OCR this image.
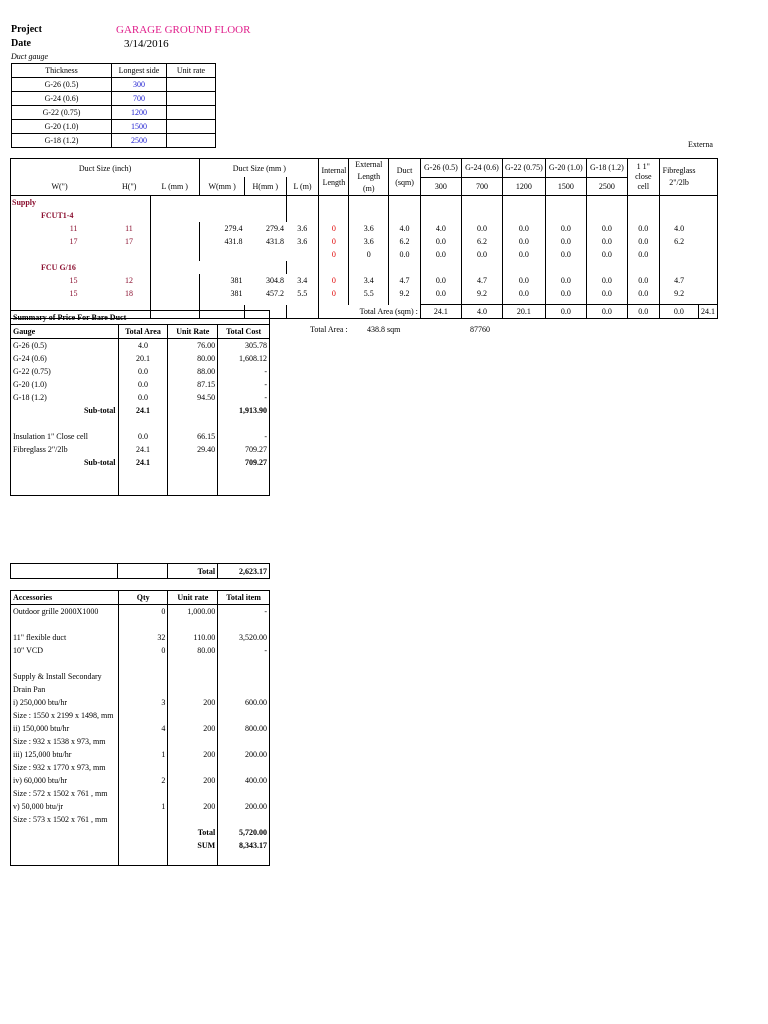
Project	GARAGE GROUND FLOOR
Date	3/14/2016
Duct gauge
Thickness	Longest side	Unit rate
G-26 (0.5)	300	
G-24 (0.6)	700	
G-22 (0.75)	1200	
G-20 (1.0)	1500	
G-18 (1.2)	2500		Externa
Duct Size (inch)			Duct Size (mm )			Internal Length	External Length (m)	Duct (sqm)	G-26 (0.5)	G-24 (0.6)	G-22 (0.75)	G-20 (1.0)	G-18 (1.2)	1 1" close cell	Fibreglass 2"/2lb	
W(")	H(")	L (mm )	W(mm )	H(mm )	L (m)				300	700	1200	1500	2500			
Supply																
FCUT1-4																
11	11		279.4	279.4	3.6	0	3.6	4.0	4.0	0.0	0.0	0.0	0.0	0.0	4.0	
17	17		431.8	431.8	3.6	0	3.6	6.2	0.0	6.2	0.0	0.0	0.0	0.0	6.2	
						0	0	0.0	0.0	0.0	0.0	0.0	0.0	0.0		
FCU G/16																
15	12		381	304.8	3.4	0	3.4	4.7	0.0	4.7	0.0	0.0	0.0	0.0	4.7	
15	18		381	457.2	5.5	0	5.5	9.2	0.0	9.2	0.0	0.0	0.0	0.0	9.2	

						Total Area (sqm) :			24.1	4.0	20.1	0.0	0.0	0.0	0.0	24.1
Summary of Price For Bare Duct			
Gauge	Total Area	Unit Rate	Total Cost
G-26 (0.5)	4.0	76.00	305.78
G-24 (0.6)	20.1	80.00	1,608.12
G-22 (0.75)	0.0	88.00	-
G-20 (1.0)	0.0	87.15	-
G-18 (1.2)	0.0	94.50	-
Sub-total	24.1		1,913.90

Insulation 1" Close cell	0.0	66.15	-
Fibreglass 2"/2lb	24.1	29.40	709.27
Sub-total	24.1		709.27

Total Area : 438.8 sqm	87760
		Total	2,623.17
Accessories	Qty	Unit rate	Total item
Outdoor grille 2000X1000	0	1,000.00	-

11" flexible duct	32	110.00	3,520.00
10" VCD	0	80.00	-

Supply & Install Secondary			
Drain Pan			
i) 250,000 btu/hr	3	200	600.00
Size : 1550 x 2199 x 1498, mm			
ii) 150,000 btu/hr	4	200	800.00
Size : 932 x 1538 x 973, mm			
iii) 125,000 btu/hr	1	200	200.00
Size : 932 x 1770 x 973, mm			
iv) 60,000 btu/hr	2	200	400.00
Size : 572 x 1502 x 761 , mm			
v) 50,000 btu/jr	1	200	200.00
Size : 573 x 1502 x 761 , mm			
		Total	5,720.00
		SUM	8,343.17
